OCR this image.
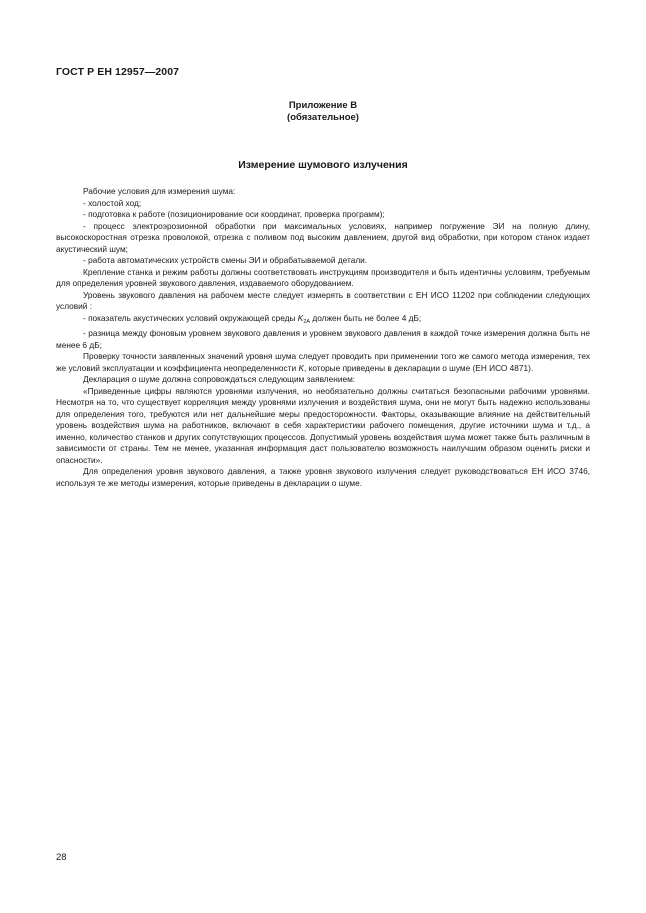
ГОСТ Р ЕН 12957—2007
Приложение В
(обязательное)
Измерение шумового излучения

Рабочие условия для измерения шума:

- холостой ход;

- подготовка к работе (позиционирование оси координат, проверка программ);

- процесс электроэрозионной обработки при максимальных условиях, например погружение ЭИ на полную длину, высокоскоростная отрезка проволокой, отрезка с поливом под высоким давлением, другой вид обработки, при котором станок издает акустический шум;

- работа автоматических устройств смены ЭИ и обрабатываемой детали.

Крепление станка и режим работы должны соответствовать инструкциям производителя и быть идентичны условиям, требуемым для определения уровней звукового давления, издаваемого оборудованием.

Уровень звукового давления на рабочем месте следует измерять в соответствии с ЕН ИСО 11202 при соблюдении следующих условий :

- показатель акустических условий окружающей среды $K_{2A}$ должен быть не более 4 дБ;

- разница между фоновым уровнем звукового давления и уровнем звукового давления в каждой точке измерения должна быть не менее 6 дБ;

Проверку точности заявленных значений уровня шума следует проводить при применении того же самого метода измерения, тех же условий эксплуатации и коэффициента неопределенности K, которые приведены в декларации о шуме (ЕН ИСО 4871).

Декларация о шуме должна сопровождаться следующим заявлением:

«Приведенные цифры являются уровнями излучения, но необязательно должны считаться безопасными рабочими уровнями. Несмотря на то, что существует корреляция между уровнями излучения и воздействия шума, они не могут быть надежно использованы для определения того, требуются или нет дальнейшие меры предосторожности. Факторы, оказывающие влияние на действительный уровень воздействия шума на работников, включают в себя характеристики рабочего помещения, другие источники шума и т.д., а именно, количество станков и других сопутствующих процессов. Допустимый уровень воздействия шума может также быть различным в зависимости от страны. Тем не менее, указанная информация даст пользователю возможность наилучшим образом оценить риски и опасности».

Для определения уровня звукового давления, а также уровня звукового излучения следует руководствоваться ЕН ИСО 3746, используя те же методы измерения, которые приведены в декларации о шуме.

28
